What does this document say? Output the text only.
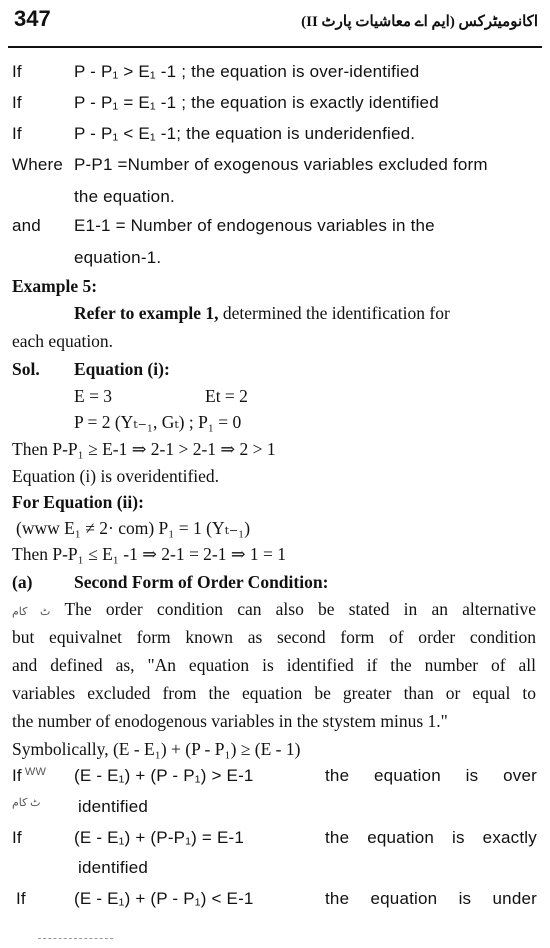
347	اکانومیٹرکس (ایم اے معاشیات پارٹ II)
If	P - P₁ > E₁ -1 ; the equation is over-identified
If	P - P₁ = E₁ -1 ; the equation is exactly identified
If	P - P₁ < E₁ -1; the equation is underidenfied.
Where P-P1 =Number of exogenous variables excluded form
the equation.
and E1-1 = Number of endogenous variables in the
equation-1.
Example 5:
Refer to example 1, determined the identification for
each equation.
Sol. Equation (i):
E = 3	Et = 2
P = 2 (Yₜ₋₁, Gₜ) ; P₁ = 0
Then P-P₁ ≥ E-1 ⇒ 2-1 > 2-1 ⇒ 2 > 1
Equation (i) is overidentified.
For Equation (ii):
(www E₁ ≠ 2· com) P₁ = 1 (Yₜ₋₁)
Then P-P₁ ≤ E₁ -1 ⇒ 2-1 = 2-1 ⇒ 1 = 1
(a) Second Form of Order Condition:
ٹ کام The order condition can also be stated in an alternative
but equivalnet form known as second form of order condition
and defined as, "An equation is identified if the number of all
variables excluded from the equation be greater than or equal to
the number of enodogenous variables in the stystem minus 1."
Symbolically, (E - E₁) + (P - P₁) ≥ (E - 1)
If $^{WW}$ (E - E₁) + (P - P₁) > E-1	the equation is over
ٹ کام identified
If	(E - E₁) + (P-P₁) = E-1	the equation is exactly
identified
If	(E - E₁) + (P - P₁) < E-1	the equation is under
